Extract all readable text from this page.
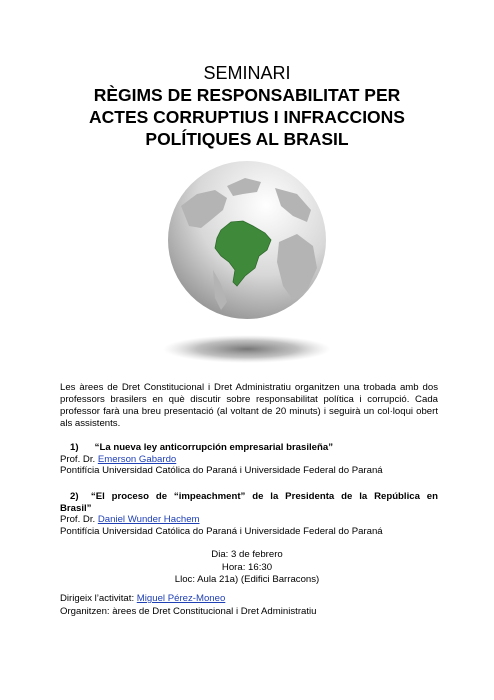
SEMINARI
RÈGIMS DE RESPONSABILITAT PER
ACTES CORRUPTIUS I INFRACCIONS
POLÍTIQUES AL BRASIL
Les àrees de Dret Constitucional i Dret Administratiu organitzen una trobada amb dos professors brasilers en què discutir sobre responsabilitat política i corrupció. Cada professor farà una breu presentació (al voltant de 20 minuts) i seguirà un col·loqui obert als assistents.
1) “La nueva ley anticorrupción empresarial brasileña”
Prof. Dr. Emerson Gabardo
Pontifícia Universidad Católica do Paraná i Universidade Federal do Paraná
2) “El proceso de “impeachment” de la Presidenta de la República en
Brasil”
Prof. Dr. Daniel Wunder Hachem
Pontifícia Universidad Católica do Paraná i Universidade Federal do Paraná
Dia: 3 de febrero
Hora: 16:30
Lloc: Aula 21a) (Edifici Barracons)
Dirigeix l’activitat: Miguel Pérez-Moneo
Organitzen: àrees de Dret Constitucional i Dret Administratiu
